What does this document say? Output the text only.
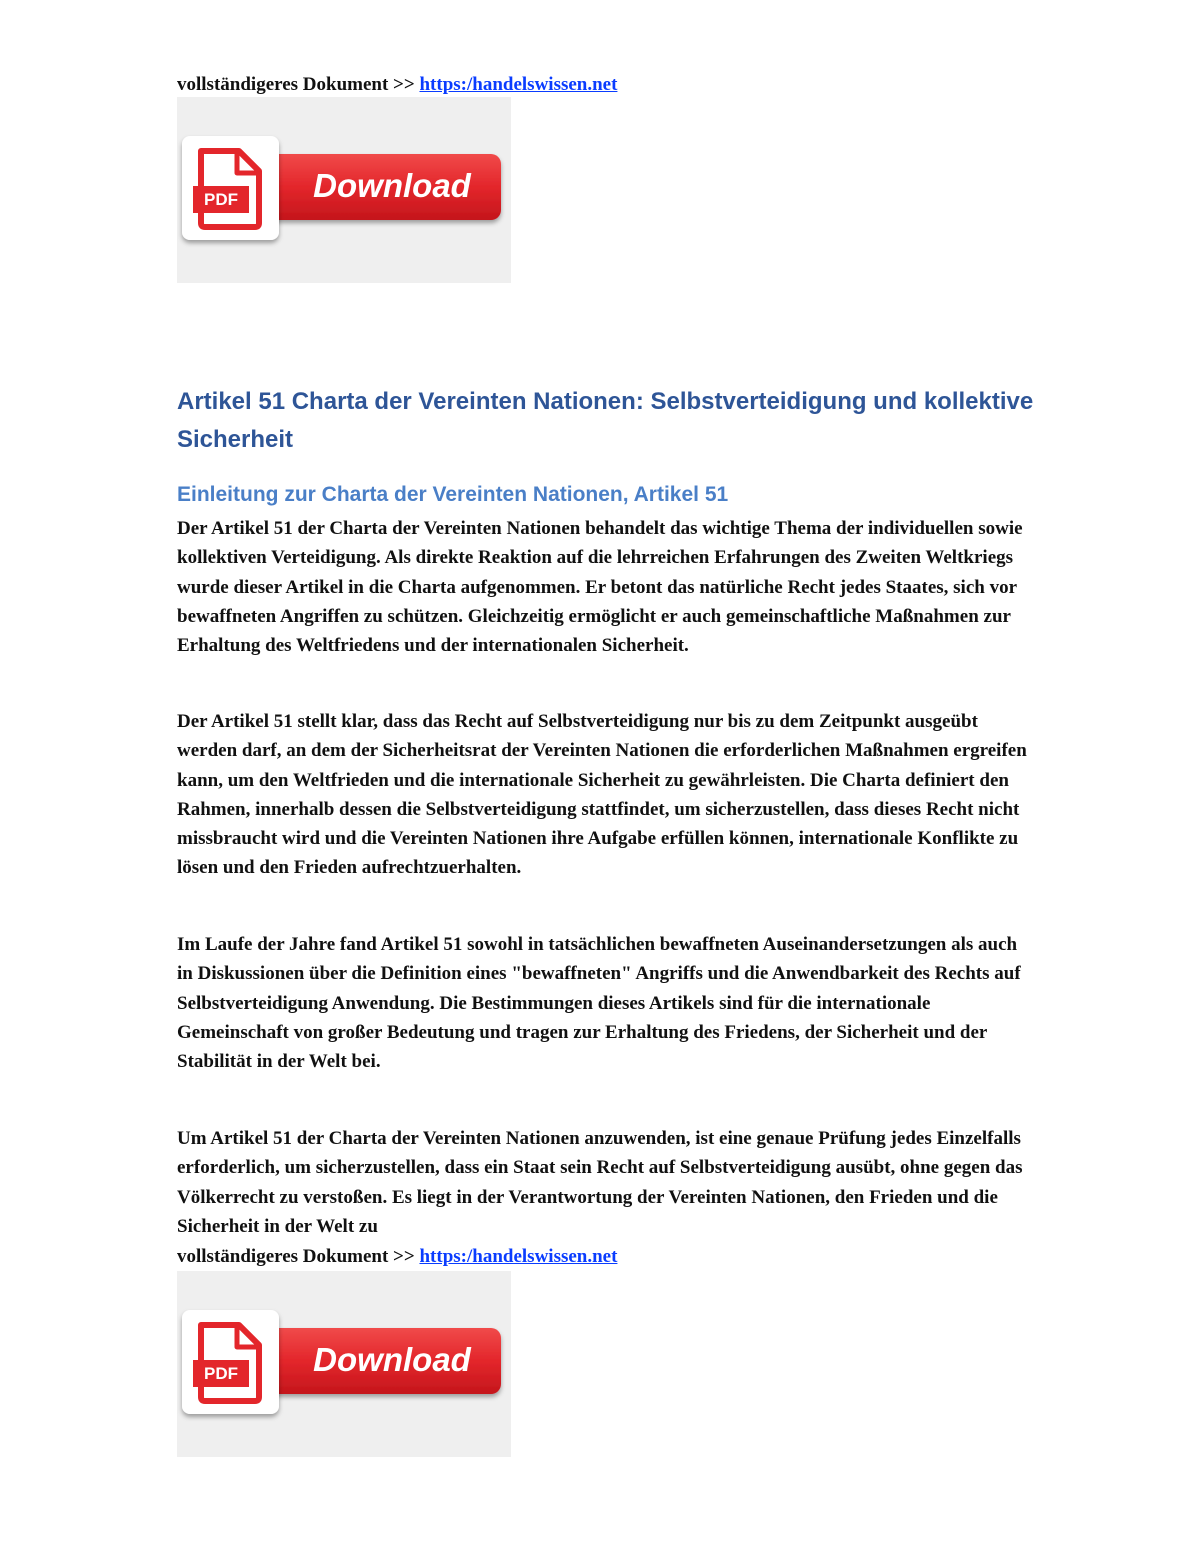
vollständigeres Dokument >> https:/handelswissen.net
PDF	Download
Artikel 51 Charta der Vereinten Nationen: Selbstverteidigung und kollektive Sicherheit
Einleitung zur Charta der Vereinten Nationen, Artikel 51

Der Artikel 51 der Charta der Vereinten Nationen behandelt das wichtige Thema der individuellen sowie kollektiven Verteidigung. Als direkte Reaktion auf die lehrreichen Erfahrungen des Zweiten Weltkriegs wurde dieser Artikel in die Charta aufgenommen. Er betont das natürliche Recht jedes Staates, sich vor bewaffneten Angriffen zu schützen. Gleichzeitig ermöglicht er auch gemeinschaftliche Maßnahmen zur Erhaltung des Weltfriedens und der internationalen Sicherheit.

Der Artikel 51 stellt klar, dass das Recht auf Selbstverteidigung nur bis zu dem Zeitpunkt ausgeübt werden darf, an dem der Sicherheitsrat der Vereinten Nationen die erforderlichen Maßnahmen ergreifen kann, um den Weltfrieden und die internationale Sicherheit zu gewährleisten. Die Charta definiert den Rahmen, innerhalb dessen die Selbstverteidigung stattfindet, um sicherzustellen, dass dieses Recht nicht missbraucht wird und die Vereinten Nationen ihre Aufgabe erfüllen können, internationale Konflikte zu lösen und den Frieden aufrechtzuerhalten.

Im Laufe der Jahre fand Artikel 51 sowohl in tatsächlichen bewaffneten Auseinandersetzungen als auch in Diskussionen über die Definition eines "bewaffneten" Angriffs und die Anwendbarkeit des Rechts auf Selbstverteidigung Anwendung. Die Bestimmungen dieses Artikels sind für die internationale Gemeinschaft von großer Bedeutung und tragen zur Erhaltung des Friedens, der Sicherheit und der Stabilität in der Welt bei.

Um Artikel 51 der Charta der Vereinten Nationen anzuwenden, ist eine genaue Prüfung jedes Einzelfalls erforderlich, um sicherzustellen, dass ein Staat sein Recht auf Selbstverteidigung ausübt, ohne gegen das Völkerrecht zu verstoßen. Es liegt in der Verantwortung der Vereinten Nationen, den Frieden und die Sicherheit in der Welt zu

vollständigeres Dokument >> https:/handelswissen.net
PDF	Download
